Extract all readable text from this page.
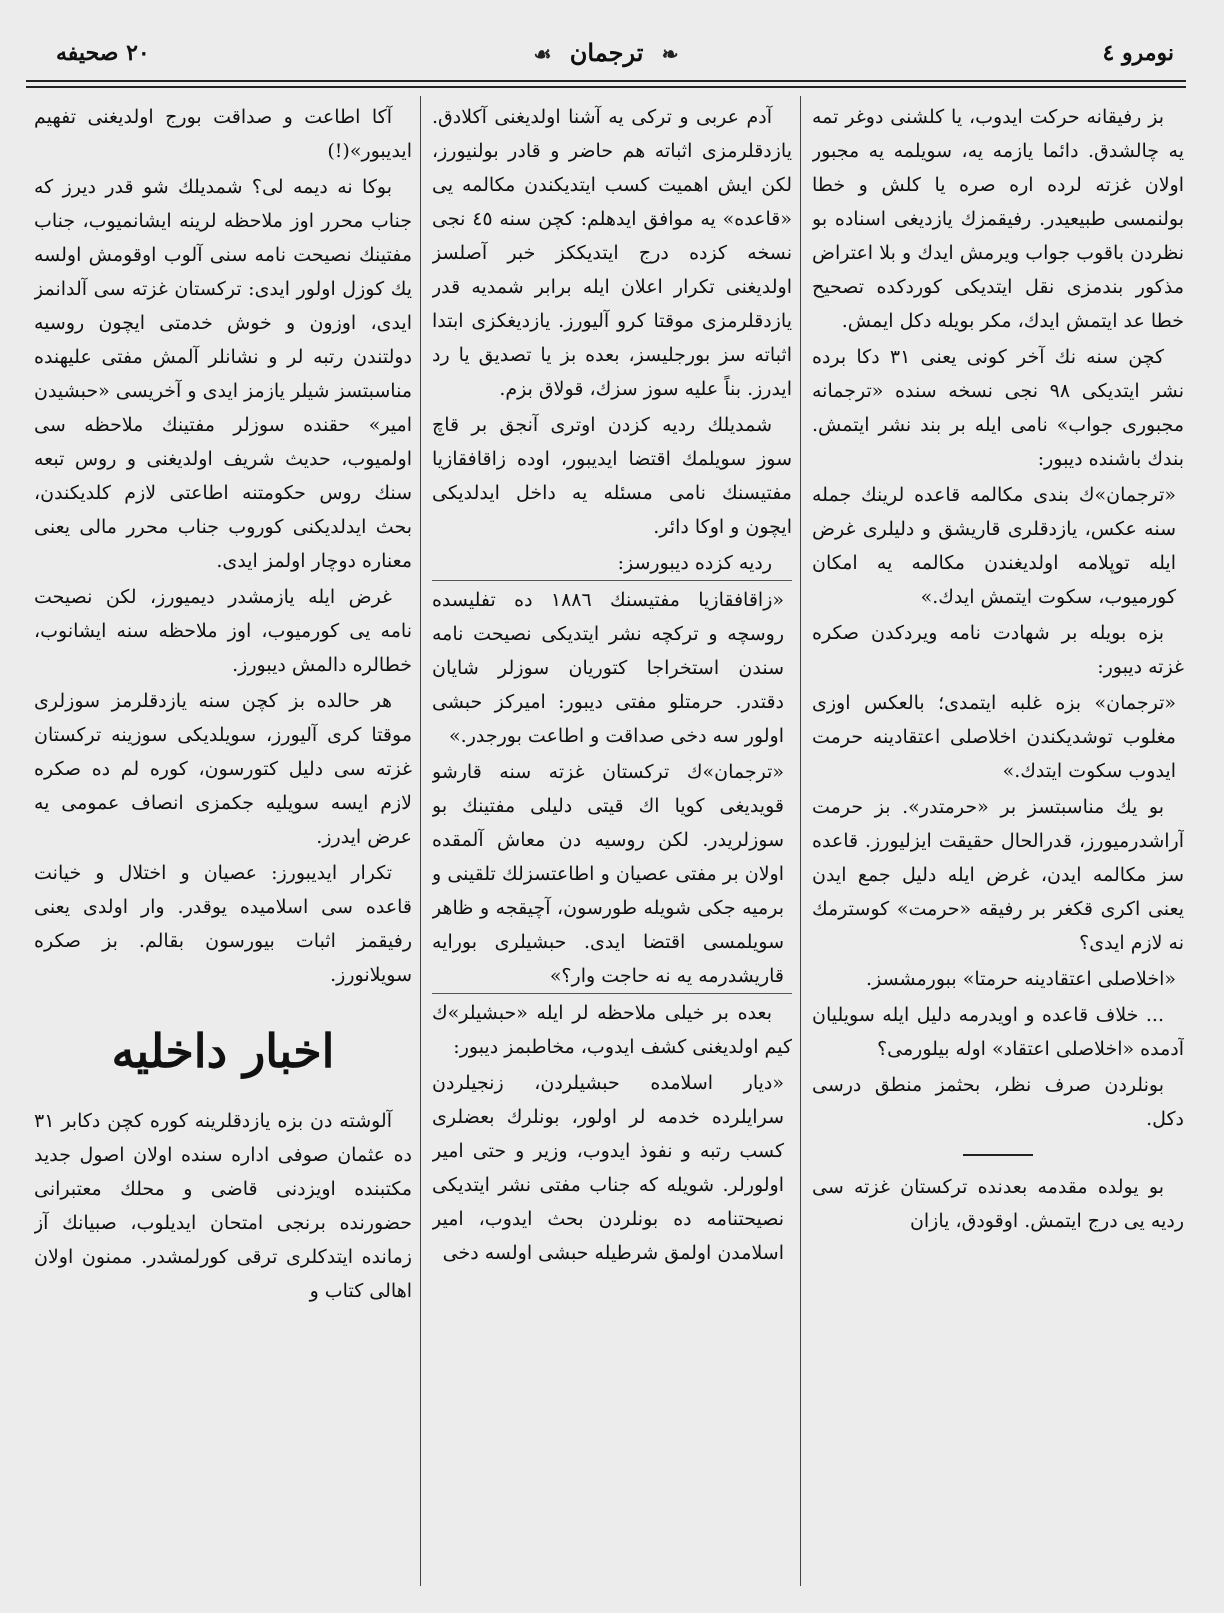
نومرو ٤
❧ ترجمان ☙
٢٠ صحيفه

بز رفيقانه حركت ايدوب، يا كلشنى دوغر تمه يه چالشدق. دائما يازمه يه، سويلمه يه مجبور اولان غزته لرده اره صره يا كلش و خطا بولنمسى طبيعيدر. رفيقمزك يازديغى اسناده بو نظردن باقوب جواب ويرمش ايدك و بلا اعتراض مذكور بندمزى نقل ايتديكى كوردكده تصحيح خطا عد ايتمش ايدك، مكر بويله دكل ايمش.

كچن سنه نك آخر كونى يعنى ٣١ دكا برده نشر ايتديكى ٩٨ نجى نسخه سنده «ترجمانه مجبورى جواب» نامى ايله بر بند نشر ايتمش. بندك باشنده ديبور:

«ترجمان»ك بندى مكالمه قاعده لرينك جمله سنه عكس، يازدقلرى قاريشق و دليلرى غرض ايله توپلامه اولديغندن مكالمه يه امكان كورميوب، سكوت ايتمش ايدك.»

بزه بويله بر شهادت نامه ويردكدن صكره غزته ديبور:

«ترجمان» بزه غلبه ايتمدى؛ بالعكس اوزى مغلوب توشديكندن اخلاصلى اعتقادينه حرمت ايدوب سكوت ايتدك.»

بو يك مناسبتسز بر «حرمتدر». بز حرمت آراشدرميورز، قدرالحال حقيقت ايزليورز. قاعده سز مكالمه ايدن، غرض ايله دليل جمع ايدن يعنى اكرى قكغر بر رفيقه «حرمت» كوسترمك نه لازم ايدى؟

«اخلاصلى اعتقادينه حرمتا» ببورمشسز.

... خلاف قاعده و اويدرمه دليل ايله سويليان آدمده «اخلاصلى اعتقاد» اوله بيلورمى؟

بونلردن صرف نظر، بحثمز منطق درسى دكل.

بو يولده مقدمه بعدنده تركستان غزته سى رديه يى درج ايتمش. اوقودق، يازان

آدم عربى و تركى يه آشنا اولديغنى آكلادق. يازدقلرمزى اثباته هم حاضر و قادر بولنيورز، لكن ايش اهميت كسب ايتديكندن مكالمه يى «قاعده» يه موافق ايدهلم: كچن سنه ٤٥ نجى نسخه كزده درج ايتديككز خبر آصلسز اولديغنى تكرار اعلان ايله برابر شمديه قدر يازدقلرمزى موقتا كرو آليورز. يازديغكزى ابتدا اثباته سز بورجليسز، بعده بز يا تصديق يا رد ايدرز. بناً عليه سوز سزك، قولاق بزم.

شمديلك رديه كزدن اوترى آنجق بر قاچ سوز سويلمك اقتضا ايديبور، اوده زاقافقازيا مفتيسنك نامى مسئله يه داخل ايدلديكى ايچون و اوكا دائر.

رديه كزده ديبورسز:

«زاقافقازيا مفتيسنك ١٨٨٦ ده تفليسده روسچه و تركچه نشر ايتديكى نصيحت نامه سندن استخراجا كتوريان سوزلر شايان دقتدر. حرمتلو مفتى ديبور: اميركز حبشى اولور سه دخى صداقت و اطاعت بورجدر.»

«ترجمان»ك تركستان غزته سنه قارشو قويديغى كويا اك قيتى دليلى مفتينك بو سوزلريدر. لكن روسيه دن معاش آلمقده اولان بر مفتى عصيان و اطاعتسزلك تلقينى و برميه جكى شويله طورسون، آچيقجه و ظاهر سويلمسى اقتضا ايدى. حبشيلرى بورايه قاريشدرمه يه نه حاجت وار؟»

بعده بر خيلى ملاحظه لر ايله «حبشيلر»ك كيم اولديغنى كشف ايدوب، مخاطبمز ديبور:

«ديار اسلامده حبشيلردن، زنجيلردن سرايلرده خدمه لر اولور، بونلرك بعضلرى كسب رتبه و نفوذ ايدوب، وزير و حتى امير اولورلر. شويله كه جناب مفتى نشر ايتديكى نصيحتنامه ده بونلردن بحث ايدوب، امير اسلامدن اولمق شرطيله حبشى اولسه دخى

آكا اطاعت و صداقت بورج اولديغنى تفهيم ايديبور»(!)

بوكا نه ديمه لى؟ شمديلك شو قدر ديرز كه جناب محرر اوز ملاحظه لرينه ايشانميوب، جناب مفتينك نصيحت نامه سنى آلوب اوقومش اولسه يك كوزل اولور ايدى: تركستان غزته سى آلدانمز ايدى، اوزون و خوش خدمتى ايچون روسيه دولتندن رتبه لر و نشانلر آلمش مفتى عليهنده مناسبتسز شيلر يازمز ايدى و آخريسى «حبشيدن امير» حقنده سوزلر مفتينك ملاحظه سى اولميوب، حديث شريف اولديغنى و روس تبعه سنك روس حكومتنه اطاعتى لازم كلديكندن، بحث ايدلديكنى كوروب جناب محرر مالى يعنى معناره دوچار اولمز ايدى.

غرض ايله يازمشدر ديميورز، لكن نصيحت نامه يى كورميوب، اوز ملاحظه سنه ايشانوب، خطالره دالمش ديبورز.

هر حالده بز كچن سنه يازدقلرمز سوزلرى موقتا كرى آليورز، سويلديكى سوزينه تركستان غزته سى دليل كتورسون، كوره لم ده صكره لازم ايسه سويليه جكمزى انصاف عمومى يه عرض ايدرز.

تكرار ايديبورز: عصيان و اختلال و خيانت قاعده سى اسلاميده يوقدر. وار اولدى يعنى رفيقمز اثبات بيورسون بقالم. بز صكره سويلانورز.

اخبار داخليه

آلوشته دن بزه يازدقلرينه كوره كچن دكابر ٣١ ده عثمان صوفى اداره سنده اولان اصول جديد مكتبنده اويزدنى قاضى و محلك معتبرانى حضورنده برنجى امتحان ايديلوب، صبيانك آز زمانده ايتدكلرى ترقى كورلمشدر. ممنون اولان اهالى كتاب و
